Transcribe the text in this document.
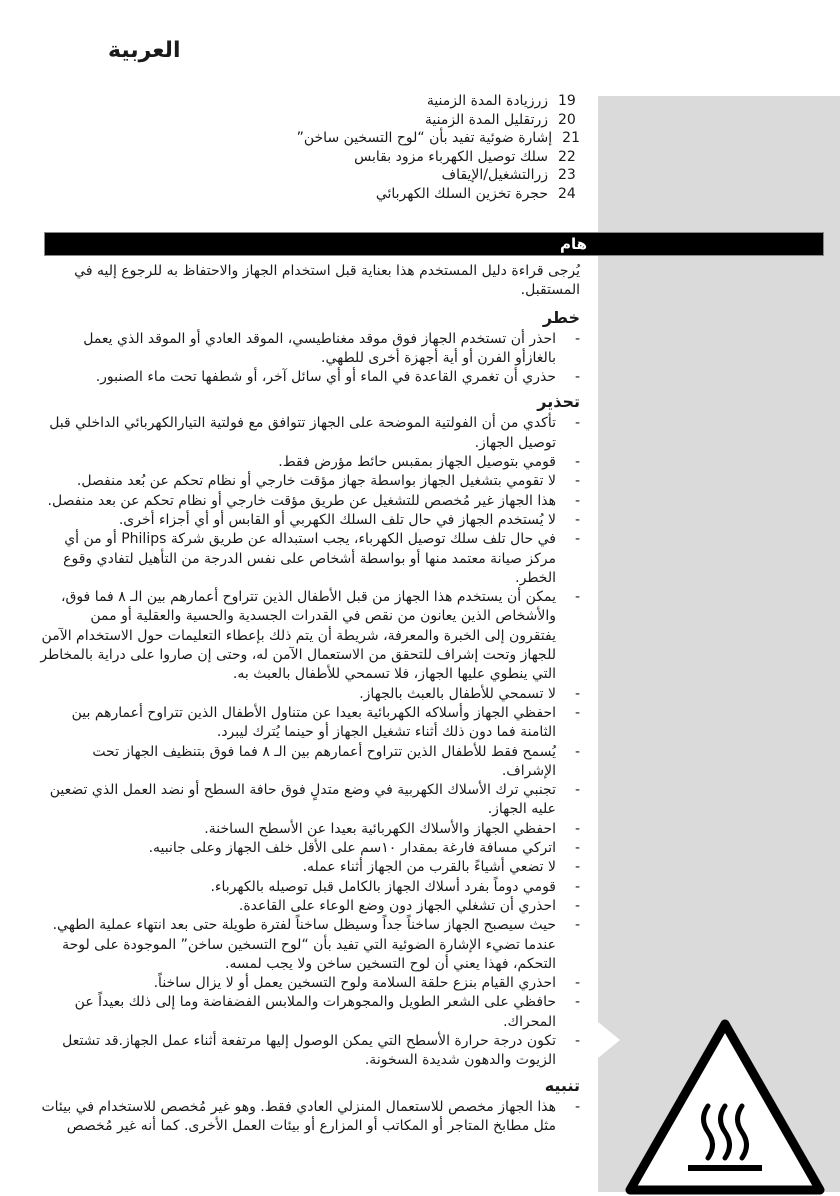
العربية
زرزيادة المدة الزمنية 19
زرتقليل المدة الزمنية 20
إشارة ضوئية تفيد بأن “لوح التسخين ساخن” 21
سلك توصيل الكهرباء مزود بقابس 22
زرالتشغيل/الإيقاف 23
حجرة تخزين السلك الكهربائي 24
هام

يُرجى قراءة دليل المستخدم هذا بعناية قبل استخدام الجهاز والاحتفاظ به للرجوع إليه في المستقبل.

خطر
- احذر أن تستخدم الجهاز فوق موقد مغناطيسي، الموقد العادي أو الموقد الذي يعمل بالغازأو الفرن أو أية أجهزة أخرى للطهي.
- حذري أن تغمري القاعدة في الماء أو أي سائل آخر، أو شطفها تحت ماء الصنبور.
تحذير
- تأكدي من أن الفولتية الموضحة على الجهاز تتوافق مع فولتية التيارالكهربائي الداخلي قبل توصيل الجهاز.
- قومي بتوصيل الجهاز بمقبس حائط مؤرض فقط.
- لا تقومي بتشغيل الجهاز بواسطة جهاز مؤقت خارجي أو نظام تحكم عن بُعد منفصل.
- هذا الجهاز غير مُخصص للتشغيل عن طريق مؤقت خارجي أو نظام تحكم عن بعد منفصل.
- لا يُستخدم الجهاز في حال تلف السلك الكهربي أو القابس أو أي أجزاء أخرى.
- في حال تلف سلك توصيل الكهرباء، يجب استبداله عن طريق شركة Philips أو من أي مركز صيانة معتمد منها أو بواسطة أشخاص على نفس الدرجة من التأهيل لتفادي وقوع الخطر.
- يمكن أن يستخدم هذا الجهاز من قبل الأطفال الذين تتراوح أعمارهم بين الـ ٨ فما فوق، والأشخاص الذين يعانون من نقص في القدرات الجسدية والحسية والعقلية أو ممن يفتقرون إلى الخبرة والمعرفة، شريطة أن يتم ذلك بإعطاء التعليمات حول الاستخدام الآمن للجهاز وتحت إشراف للتحقق من الاستعمال الآمن له، وحتى إن صاروا على دراية بالمخاطر التي ينطوي عليها الجهاز، فلا تسمحي للأطفال بالعبث به.
- لا تسمحي للأطفال بالعبث بالجهاز.
- احفظي الجهاز وأسلاكه الكهربائية بعيدا عن متناول الأطفال الذين تتراوح أعمارهم بين الثامنة فما دون ذلك أثناء تشغيل الجهاز أو حينما يُترك ليبرد.
- يُسمح فقط للأطفال الذين تتراوح أعمارهم بين الـ ٨ فما فوق بتنظيف الجهاز تحت الإشراف.
- تجنبي ترك الأسلاك الكهربية في وضع متدلٍ فوق حافة السطح أو نضد العمل الذي تضعين عليه الجهاز.
- احفظي الجهاز والأسلاك الكهربائية بعيدا عن الأسطح الساخنة.
- اتركي مسافة فارغة بمقدار ١٠سم على الأقل خلف الجهاز وعلى جانبيه.
- لا تضعي أشياءً بالقرب من الجهاز أثناء عمله.
- قومي دوماً بفرد أسلاك الجهاز بالكامل قبل توصيله بالكهرباء.
- احذري أن تشغلي الجهاز دون وضع الوعاء على القاعدة.
- حيث سيصبح الجهاز ساخناً جداً وسيظل ساخناً لفترة طويلة حتى بعد انتهاء عملية الطهي. عندما تضيء الإشارة الضوئية التي تفيد بأن “لوح التسخين ساخن” الموجودة على لوحة التحكم، فهذا يعني أن لوح التسخين ساخن ولا يجب لمسه.
- احذري القيام بنزع حلقة السلامة ولوح التسخين يعمل أو لا يزال ساخناً.
- حافظي على الشعر الطويل والمجوهرات والملابس الفضفاضة وما إلى ذلك بعيداً عن المحراك.
- تكون درجة حرارة الأسطح التي يمكن الوصول إليها مرتفعة أثناء عمل الجهاز.قد تشتعل الزيوت والدهون شديدة السخونة.
تنبيه
- هذا الجهاز مخصص للاستعمال المنزلي العادي فقط. وهو غير مُخصص للاستخدام في بيئات مثل مطابخ المتاجر أو المكاتب أو المزارع أو بيئات العمل الأخرى. كما أنه غير مُخصص
